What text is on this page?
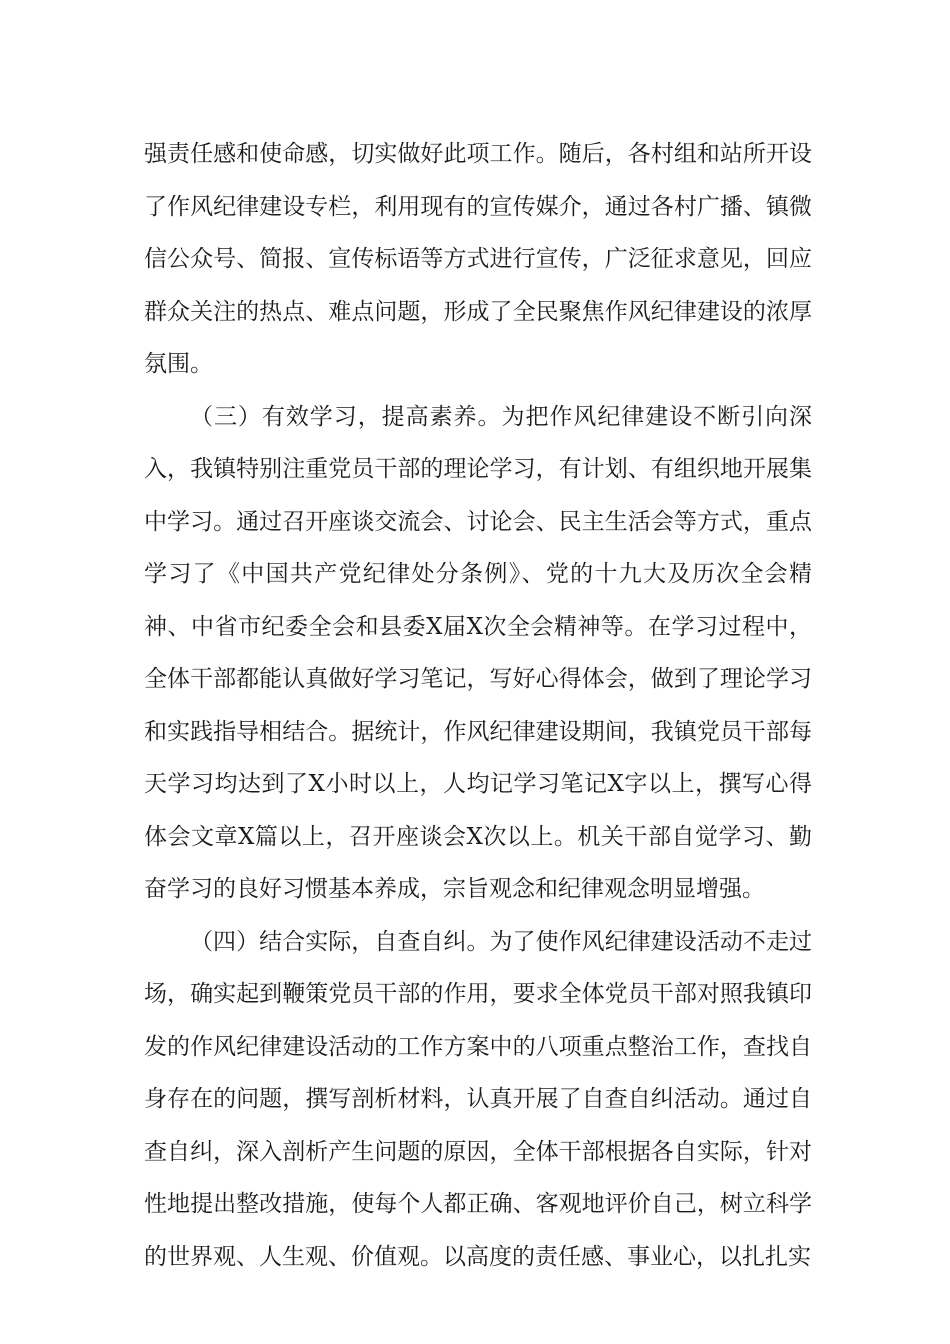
强责任感和使命感，切实做好此项工作。随后，各村组和站所开设了作风纪律建设专栏，利用现有的宣传媒介，通过各村广播、镇微信公众号、简报、宣传标语等方式进行宣传，广泛征求意见，回应群众关注的热点、难点问题，形成了全民聚焦作风纪律建设的浓厚氛围。

（三）有效学习，提高素养。为把作风纪律建设不断引向深入，我镇特别注重党员干部的理论学习，有计划、有组织地开展集中学习。通过召开座谈交流会、讨论会、民主生活会等方式，重点学习了《中国共产党纪律处分条例》、党的十九大及历次全会精神、中省市纪委全会和县委X届X次全会精神等。在学习过程中，全体干部都能认真做好学习笔记，写好心得体会，做到了理论学习和实践指导相结合。据统计，作风纪律建设期间，我镇党员干部每天学习均达到了X小时以上，人均记学习笔记X字以上，撰写心得体会文章X篇以上，召开座谈会X次以上。机关干部自觉学习、勤奋学习的良好习惯基本养成，宗旨观念和纪律观念明显增强。

（四）结合实际，自查自纠。为了使作风纪律建设活动不走过场，确实起到鞭策党员干部的作用，要求全体党员干部对照我镇印发的作风纪律建设活动的工作方案中的八项重点整治工作，查找自身存在的问题，撰写剖析材料，认真开展了自查自纠活动。通过自查自纠，深入剖析产生问题的原因，全体干部根据各自实际，针对性地提出整改措施，使每个人都正确、客观地评价自己，树立科学的世界观、人生观、价值观。以高度的责任感、事业心，以扎扎实
